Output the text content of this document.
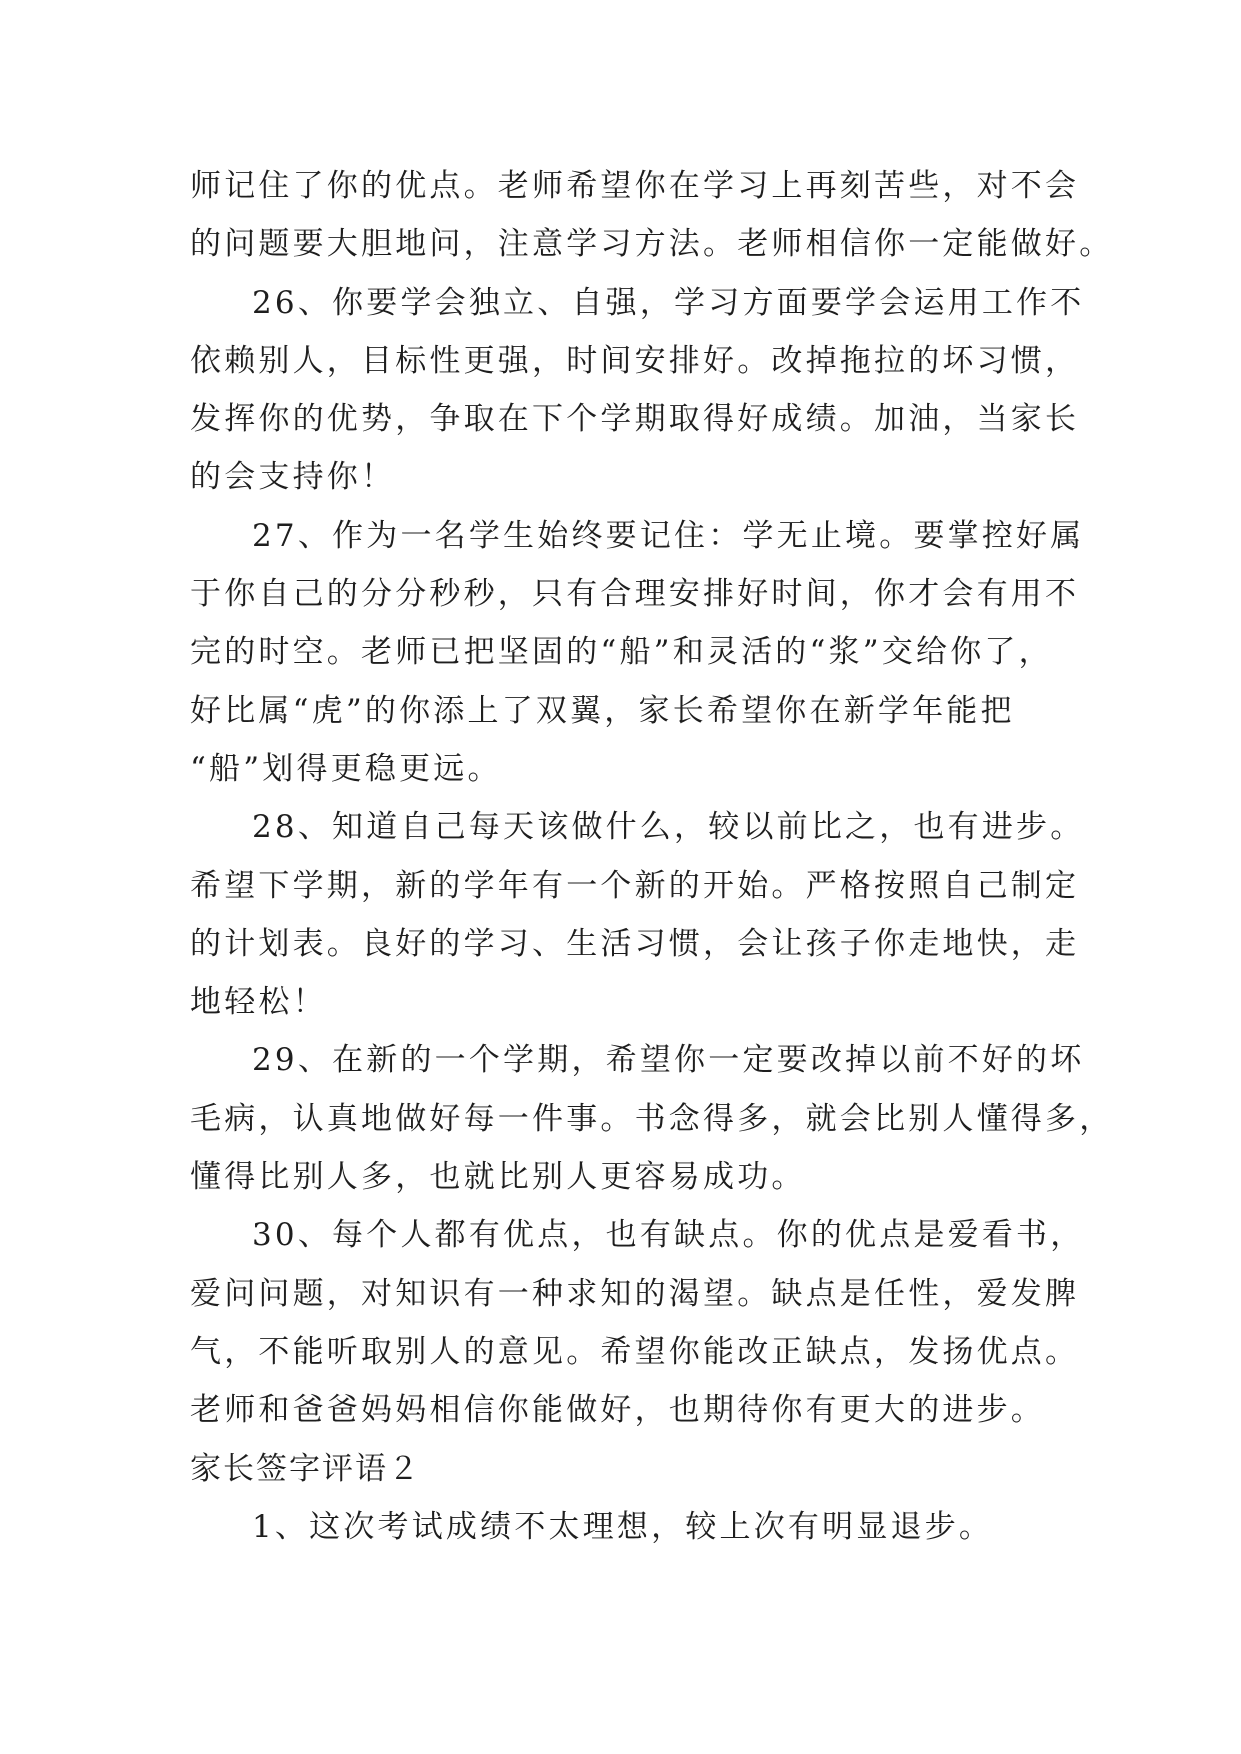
师记住了你的优点。老师希望你在学习上再刻苦些，对不会
的问题要大胆地问，注意学习方法。老师相信你一定能做好。
26、你要学会独立、自强，学习方面要学会运用工作不
依赖别人，目标性更强，时间安排好。改掉拖拉的坏习惯，
发挥你的优势，争取在下个学期取得好成绩。加油，当家长
的会支持你！
27、作为一名学生始终要记住：学无止境。要掌控好属
于你自己的分分秒秒，只有合理安排好时间，你才会有用不
完的时空。老师已把坚固的“船”和灵活的“浆”交给你了，
好比属“虎”的你添上了双翼，家长希望你在新学年能把
“船”划得更稳更远。
28、知道自己每天该做什么，较以前比之，也有进步。
希望下学期，新的学年有一个新的开始。严格按照自己制定
的计划表。良好的学习、生活习惯，会让孩子你走地快，走
地轻松！
29、在新的一个学期，希望你一定要改掉以前不好的坏
毛病，认真地做好每一件事。书念得多，就会比别人懂得多，
懂得比别人多，也就比别人更容易成功。
30、每个人都有优点，也有缺点。你的优点是爱看书，
爱问问题，对知识有一种求知的渴望。缺点是任性，爱发脾
气，不能听取别人的意见。希望你能改正缺点，发扬优点。
老师和爸爸妈妈相信你能做好，也期待你有更大的进步。
家长签字评语２
1、这次考试成绩不太理想，较上次有明显退步。
